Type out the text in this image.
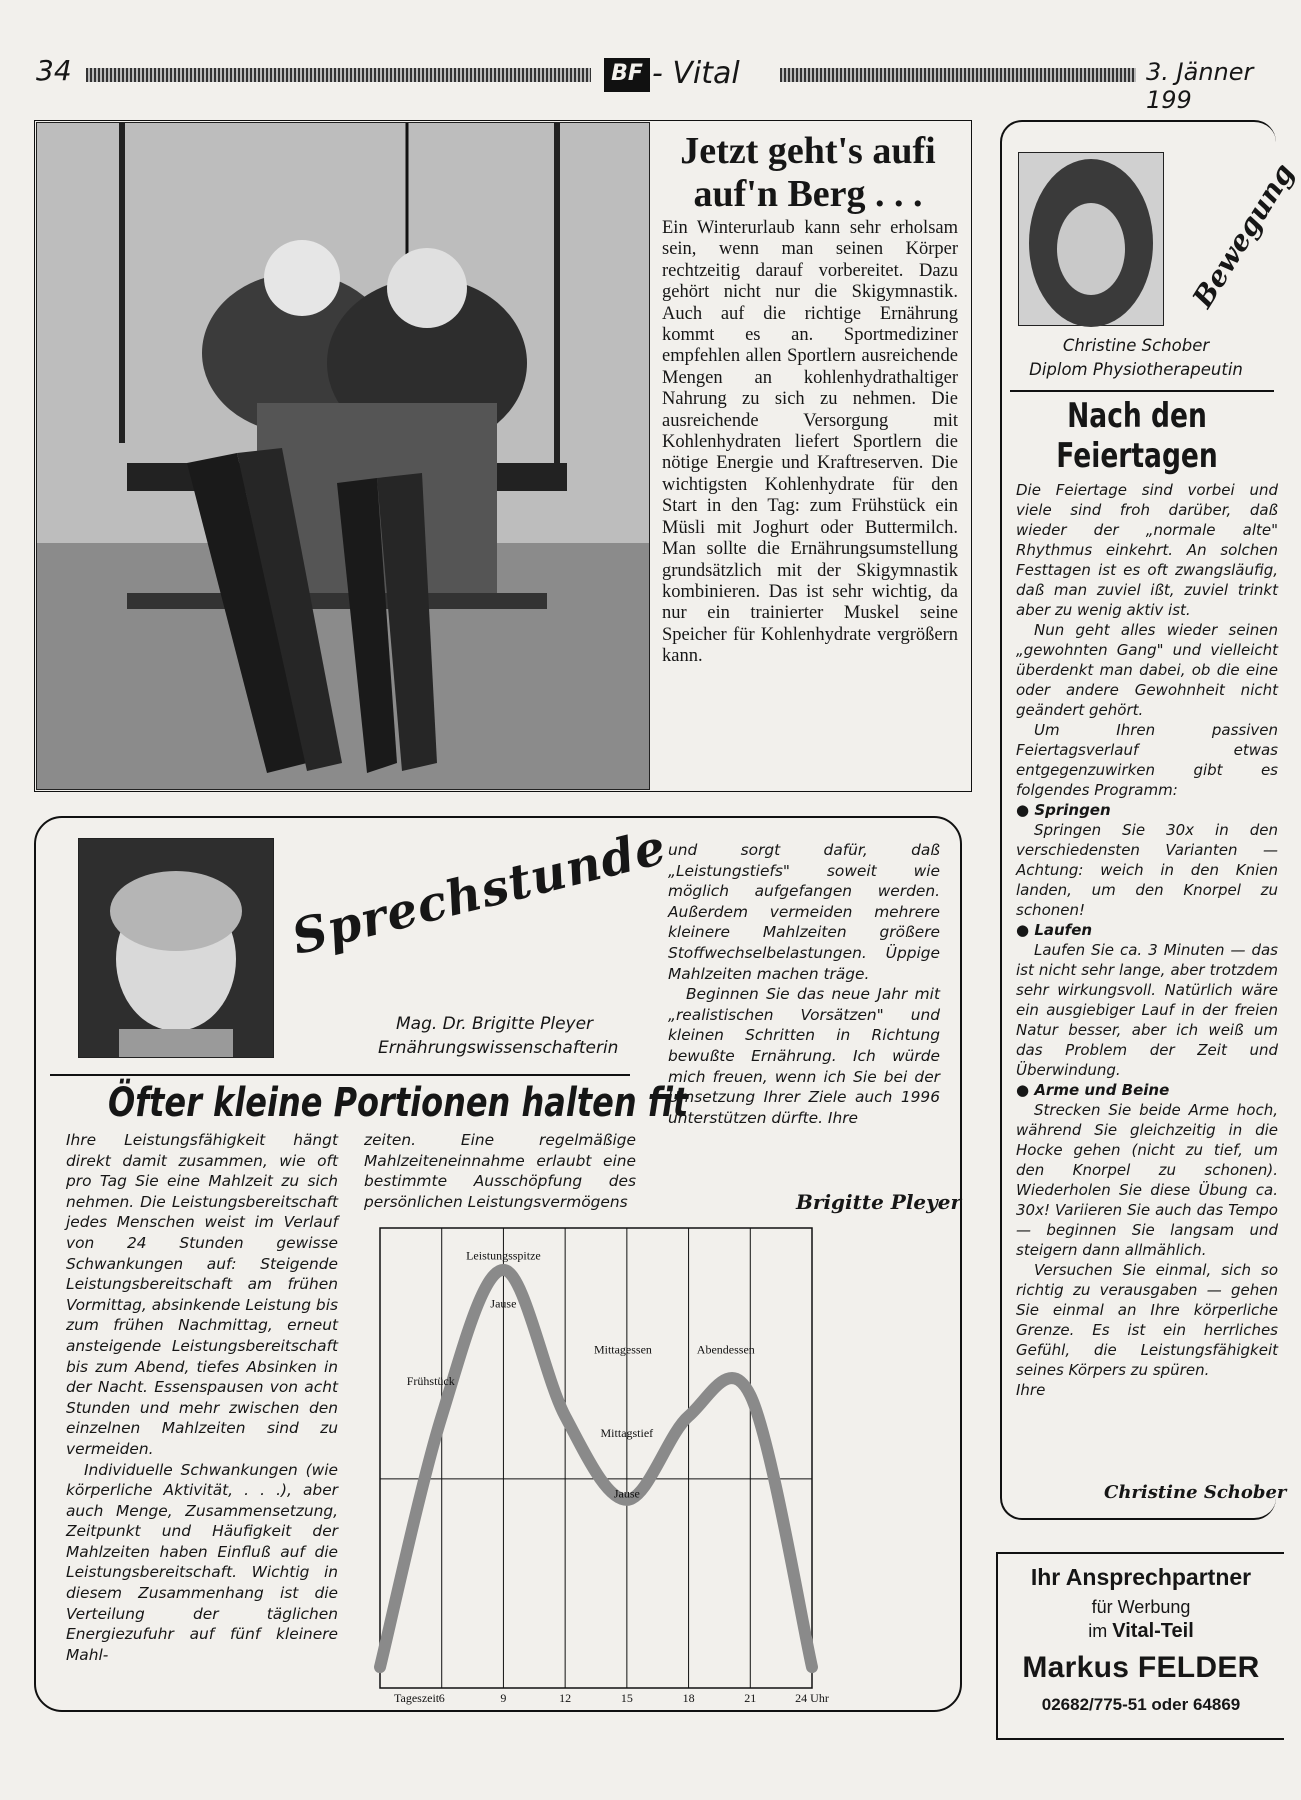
34	BF - Vital	3. Jänner 199
Jetzt geht's aufi
auf'n Berg . . .
Ein Winterurlaub kann sehr erholsam sein, wenn man seinen Körper rechtzeitig darauf vorbereitet. Dazu gehört nicht nur die Skigymnastik. Auch auf die richtige Ernährung kommt es an. Sportmediziner empfehlen allen Sportlern ausreichende Mengen an kohlenhydrathaltiger Nahrung zu sich zu nehmen. Die ausreichende Versorgung mit Kohlenhydraten liefert Sportlern die nötige Energie und Kraftreserven. Die wichtigsten Kohlenhydrate für den Start in den Tag: zum Frühstück ein Müsli mit Joghurt oder Buttermilch. Man sollte die Ernährungsumstellung grundsätzlich mit der Skigymnastik kombinieren. Das ist sehr wichtig, da nur ein trainierter Muskel seine Speicher für Kohlenhydrate vergrößern kann.
Sprechstunde
Mag. Dr. Brigitte Pleyer
Ernährungswissenschafterin
Öfter kleine Portionen halten fit

Ihre Leistungsfähigkeit hängt direkt damit zusammen, wie oft pro Tag Sie eine Mahlzeit zu sich nehmen. Die Leistungsbereitschaft jedes Menschen weist im Verlauf von 24 Stunden gewisse Schwankungen auf: Steigende Leistungsbereitschaft am frühen Vormittag, absinkende Leistung bis zum frühen Nachmittag, erneut ansteigende Leistungsbereitschaft bis zum Abend, tiefes Absinken in der Nacht. Essenspausen von acht Stunden und mehr zwischen den einzelnen Mahlzeiten sind zu vermeiden.

Individuelle Schwankungen (wie körperliche Aktivität, . . .), aber auch Menge, Zusammensetzung, Zeitpunkt und Häufigkeit der Mahlzeiten haben Einfluß auf die Leistungsbereitschaft. Wichtig in diesem Zusammenhang ist die Verteilung der täglichen Energiezufuhr auf fünf kleinere Mahl-

zeiten. Eine regelmäßige Mahlzeiteneinnahme erlaubt eine bestimmte Ausschöpfung des persönlichen Leistungsvermögens

und sorgt dafür, daß „Leistungstiefs" soweit wie möglich aufgefangen werden. Außerdem vermeiden mehrere kleinere Mahlzeiten größere Stoffwechselbelastungen. Üppige Mahlzeiten machen träge.

Beginnen Sie das neue Jahr mit „realistischen Vorsätzen" und kleinen Schritten in Richtung bewußte Ernährung. Ich würde mich freuen, wenn ich Sie bei der Umsetzung Ihrer Ziele auch 1996 unterstützen dürfte. Ihre

Brigitte Pleyer
6	9	12	15	18	21	24 Uhr
Leistungsspitze
Jause
Mittagessen
Frühstück
Mittagstief
Jause
Abendessen
Tageszeit
Bewegung
Christine Schober
Diplom Physiotherapeutin
Nach den
Feiertagen

Die Feiertage sind vorbei und viele sind froh darüber, daß wieder der „normale alte" Rhythmus einkehrt. An solchen Festtagen ist es oft zwangsläufig, daß man zuviel ißt, zuviel trinkt aber zu wenig aktiv ist.

Nun geht alles wieder seinen „gewohnten Gang" und vielleicht überdenkt man dabei, ob die eine oder andere Gewohnheit nicht geändert gehört.

Um Ihren passiven Feiertagsverlauf etwas entgegenzuwirken gibt es folgendes Programm:

● Springen

Springen Sie 30x in den verschiedensten Varianten — Achtung: weich in den Knien landen, um den Knorpel zu schonen!

● Laufen

Laufen Sie ca. 3 Minuten — das ist nicht sehr lange, aber trotzdem sehr wirkungsvoll. Natürlich wäre ein ausgiebiger Lauf in der freien Natur besser, aber ich weiß um das Problem der Zeit und Überwindung.

● Arme und Beine

Strecken Sie beide Arme hoch, während Sie gleichzeitig in die Hocke gehen (nicht zu tief, um den Knorpel zu schonen). Wiederholen Sie diese Übung ca. 30x! Variieren Sie auch das Tempo — beginnen Sie langsam und steigern dann allmählich.

Versuchen Sie einmal, sich so richtig zu verausgaben — gehen Sie einmal an Ihre körperliche Grenze. Es ist ein herrliches Gefühl, die Leistungsfähigkeit seines Körpers zu spüren.

Ihre

Christine Schober
Ihr Ansprechpartner
für Werbung
im Vital-Teil
Markus FELDER
02682/775-51 oder 64869
